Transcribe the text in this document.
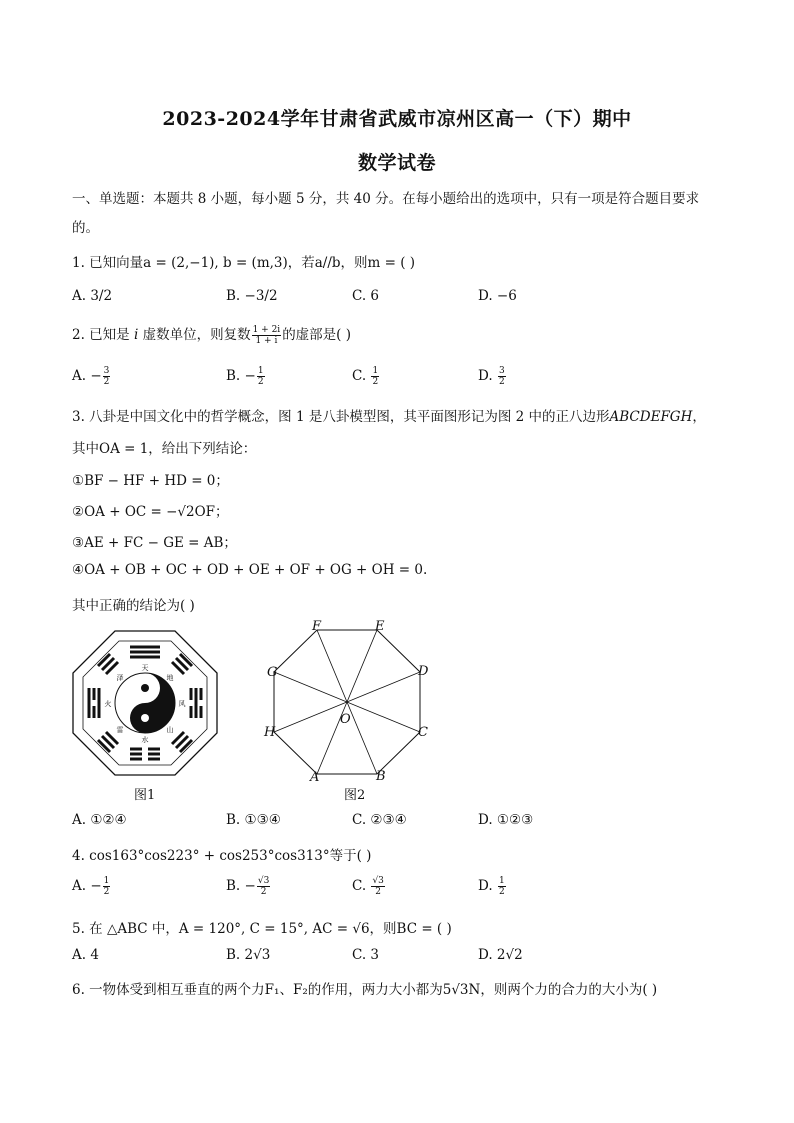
2023-2024学年甘肃省武威市凉州区高一（下）期中
数学试卷
一、单选题：本题共 8 小题，每小题 5 分，共 40 分。在每小题给出的选项中，只有一项是符合题目要求
的。
1. 已知向量a = (2,−1), b = (m,3)，若a//b，则m = ( )
A. 3/2	B. −3/2	C. 6	D. −6
2. 已知是 i 虚数单位，则复数 $\frac{1 + 2i}{1 + i}$ 的虚部是( )
A. − $\frac{3}{2}$	B. − $\frac{1}{2}$	C. $\frac{1}{2}$	D. $\frac{3}{2}$
3. 八卦是中国文化中的哲学概念，图 1 是八卦模型图，其平面图形记为图 2 中的正八边形ABCDEFGH，
其中OA = 1，给出下列结论：
①BF − HF + HD = 0；
②OA + OC = −√2OF；
③AE + FC − GE = AB；
④OA + OB + OC + OD + OE + OF + OG + OH = 0.
其中正确的结论为( )
天
水
火	风
泽	地
雷	山
图1
F	E
D
C
B
A
H
G
O
图2
A. ①②④	B. ①③④	C. ②③④	D. ①②③
4. cos163°cos223° + cos253°cos313°等于( )
A. − $\frac{1}{2}$	B. − $\frac{√3}{2}$	C. $\frac{√3}{2}$	D. $\frac{1}{2}$
5. 在 △ABC 中，A = 120°, C = 15°, AC = √6，则BC = ( )
A. 4	B. 2√3	C. 3	D. 2√2
6. 一物体受到相互垂直的两个力F₁、F₂的作用，两力大小都为5√3N，则两个力的合力的大小为( )
